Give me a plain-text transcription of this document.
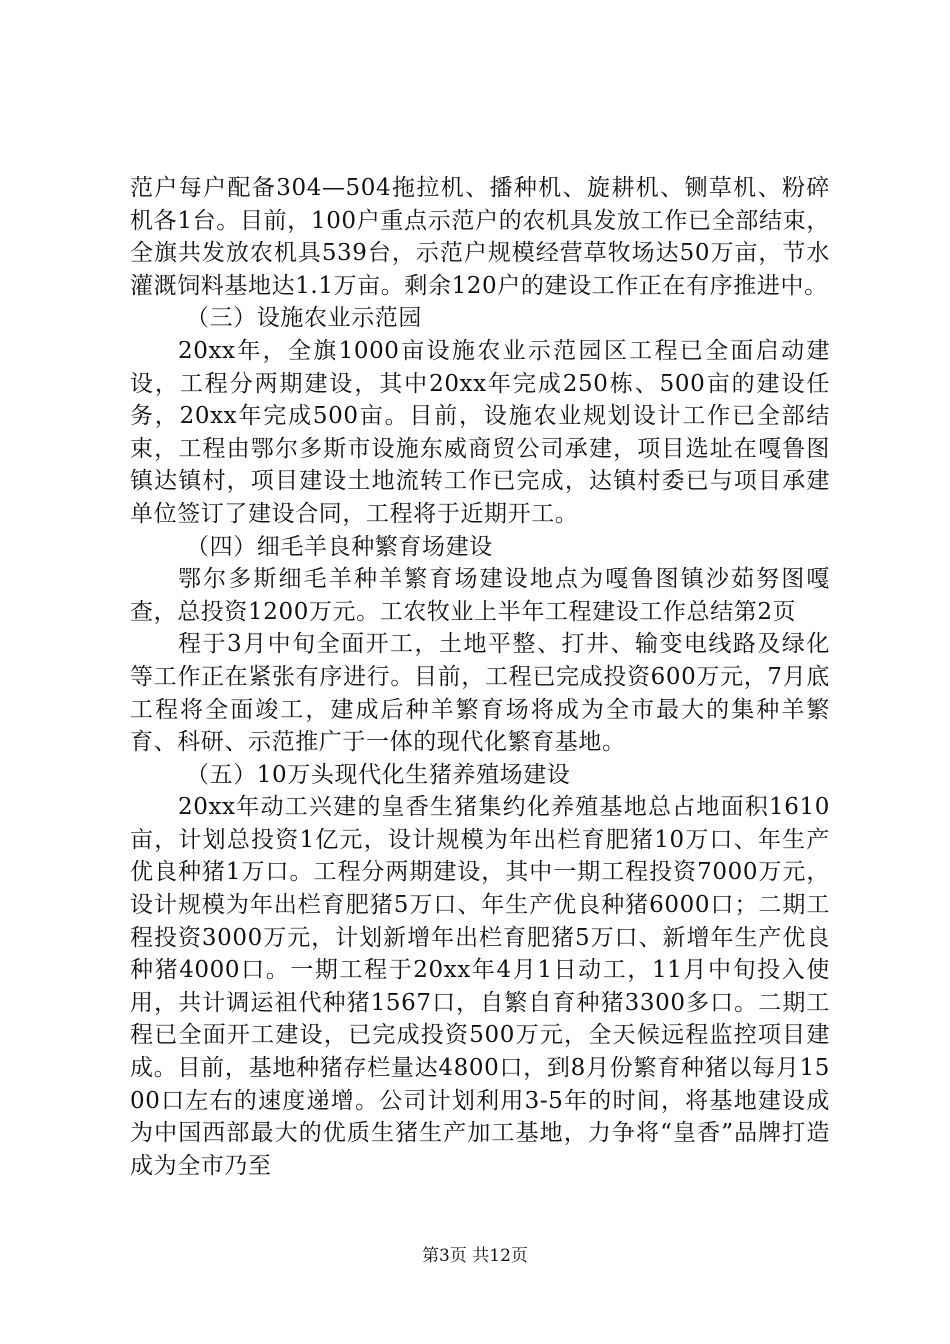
范户每户配备304—504拖拉机、播种机、旋耕机、铡草机、粉碎机各1台。目前，100户重点示范户的农机具发放工作已全部结束，全旗共发放农机具539台，示范户规模经营草牧场达50万亩，节水灌溉饲料基地达1.1万亩。剩余120户的建设工作正在有序推进中。

（三）设施农业示范园

20xx年，全旗1000亩设施农业示范园区工程已全面启动建设，工程分两期建设，其中20xx年完成250栋、500亩的建设任务，20xx年完成500亩。目前，设施农业规划设计工作已全部结束，工程由鄂尔多斯市设施东威商贸公司承建，项目选址在嘎鲁图镇达镇村，项目建设土地流转工作已完成，达镇村委已与项目承建单位签订了建设合同，工程将于近期开工。

（四）细毛羊良种繁育场建设

鄂尔多斯细毛羊种羊繁育场建设地点为嘎鲁图镇沙茹努图嘎查，总投资1200万元。工农牧业上半年工程建设工作总结第2页

程于3月中旬全面开工，土地平整、打井、输变电线路及绿化等工作正在紧张有序进行。目前，工程已完成投资600万元，7月底工程将全面竣工，建成后种羊繁育场将成为全市最大的集种羊繁育、科研、示范推广于一体的现代化繁育基地。

（五）10万头现代化生猪养殖场建设

20xx年动工兴建的皇香生猪集约化养殖基地总占地面积1610亩，计划总投资1亿元，设计规模为年出栏育肥猪10万口、年生产优良种猪1万口。工程分两期建设，其中一期工程投资7000万元，设计规模为年出栏育肥猪5万口、年生产优良种猪6000口；二期工程投资3000万元，计划新增年出栏育肥猪5万口、新增年生产优良种猪4000口。一期工程于20xx年4月1日动工，11月中旬投入使用，共计调运祖代种猪1567口，自繁自育种猪3300多口。二期工程已全面开工建设，已完成投资500万元，全天候远程监控项目建成。目前，基地种猪存栏量达4800口，到8月份繁育种猪以每月1500口左右的速度递增。公司计划利用3-5年的时间，将基地建设成为中国西部最大的优质生猪生产加工基地，力争将“皇香”品牌打造成为全市乃至

第3页 共12页
